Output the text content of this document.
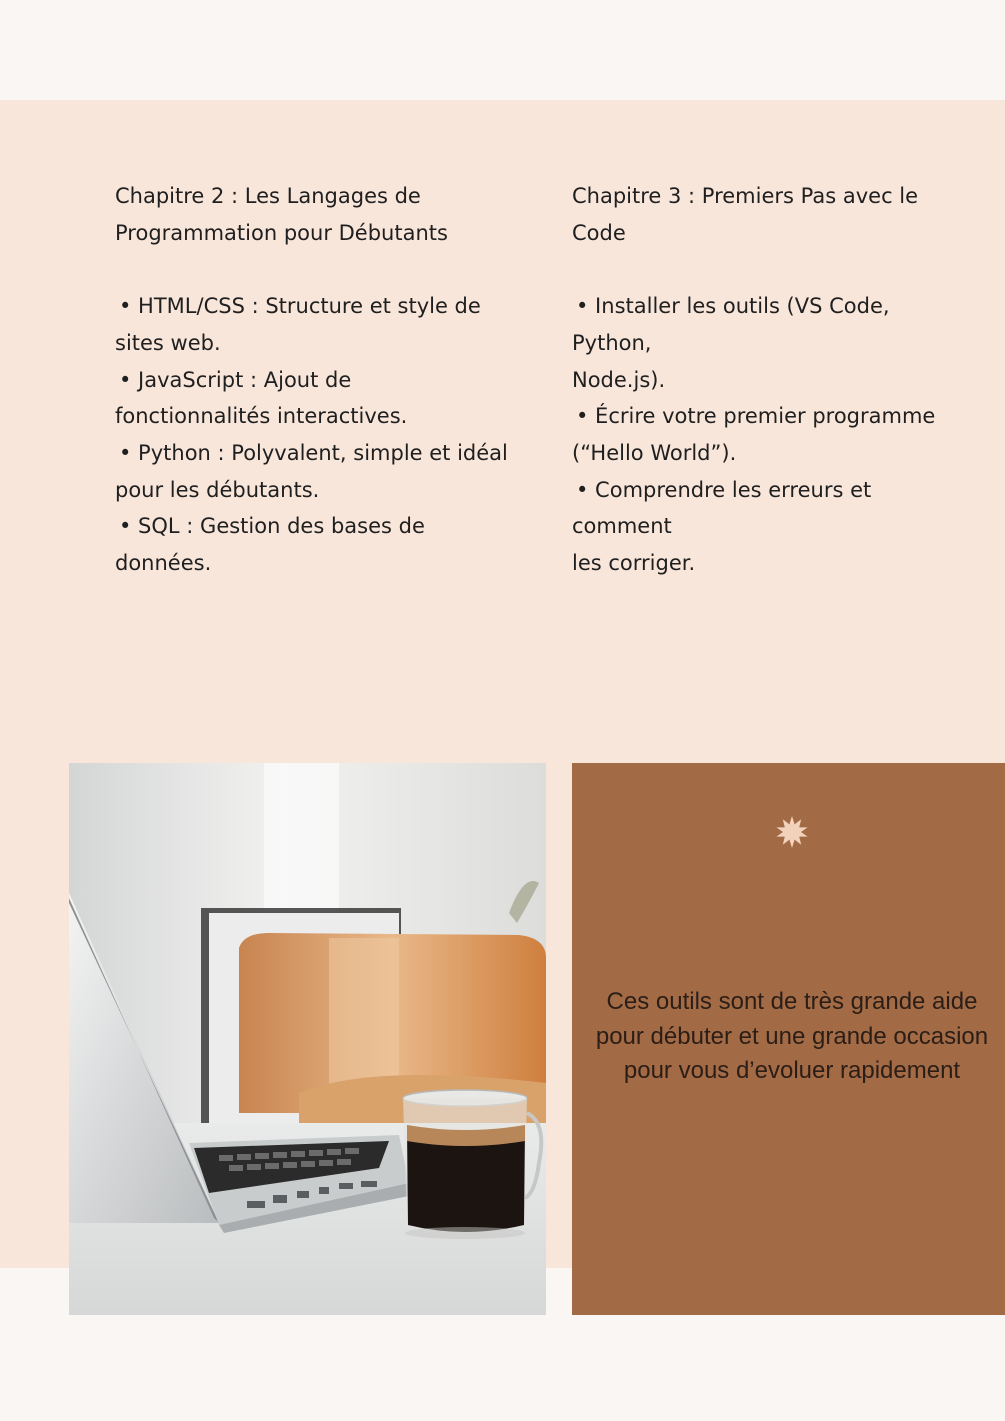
Chapitre 2 : Les Langages de
Programmation pour Débutants
• HTML/CSS : Structure et style de
sites web.
• JavaScript : Ajout de
fonctionnalités interactives.
• Python : Polyvalent, simple et idéal
pour les débutants.
• SQL : Gestion des bases de
données.
Chapitre 3 : Premiers Pas avec le
Code
• Installer les outils (VS Code, Python,
Node.js).
• Écrire votre premier programme
(“Hello World”).
• Comprendre les erreurs et comment
les corriger.
Ces outils sont de très grande aide
pour débuter et une grande occasion
pour vous d’evoluer rapidement
